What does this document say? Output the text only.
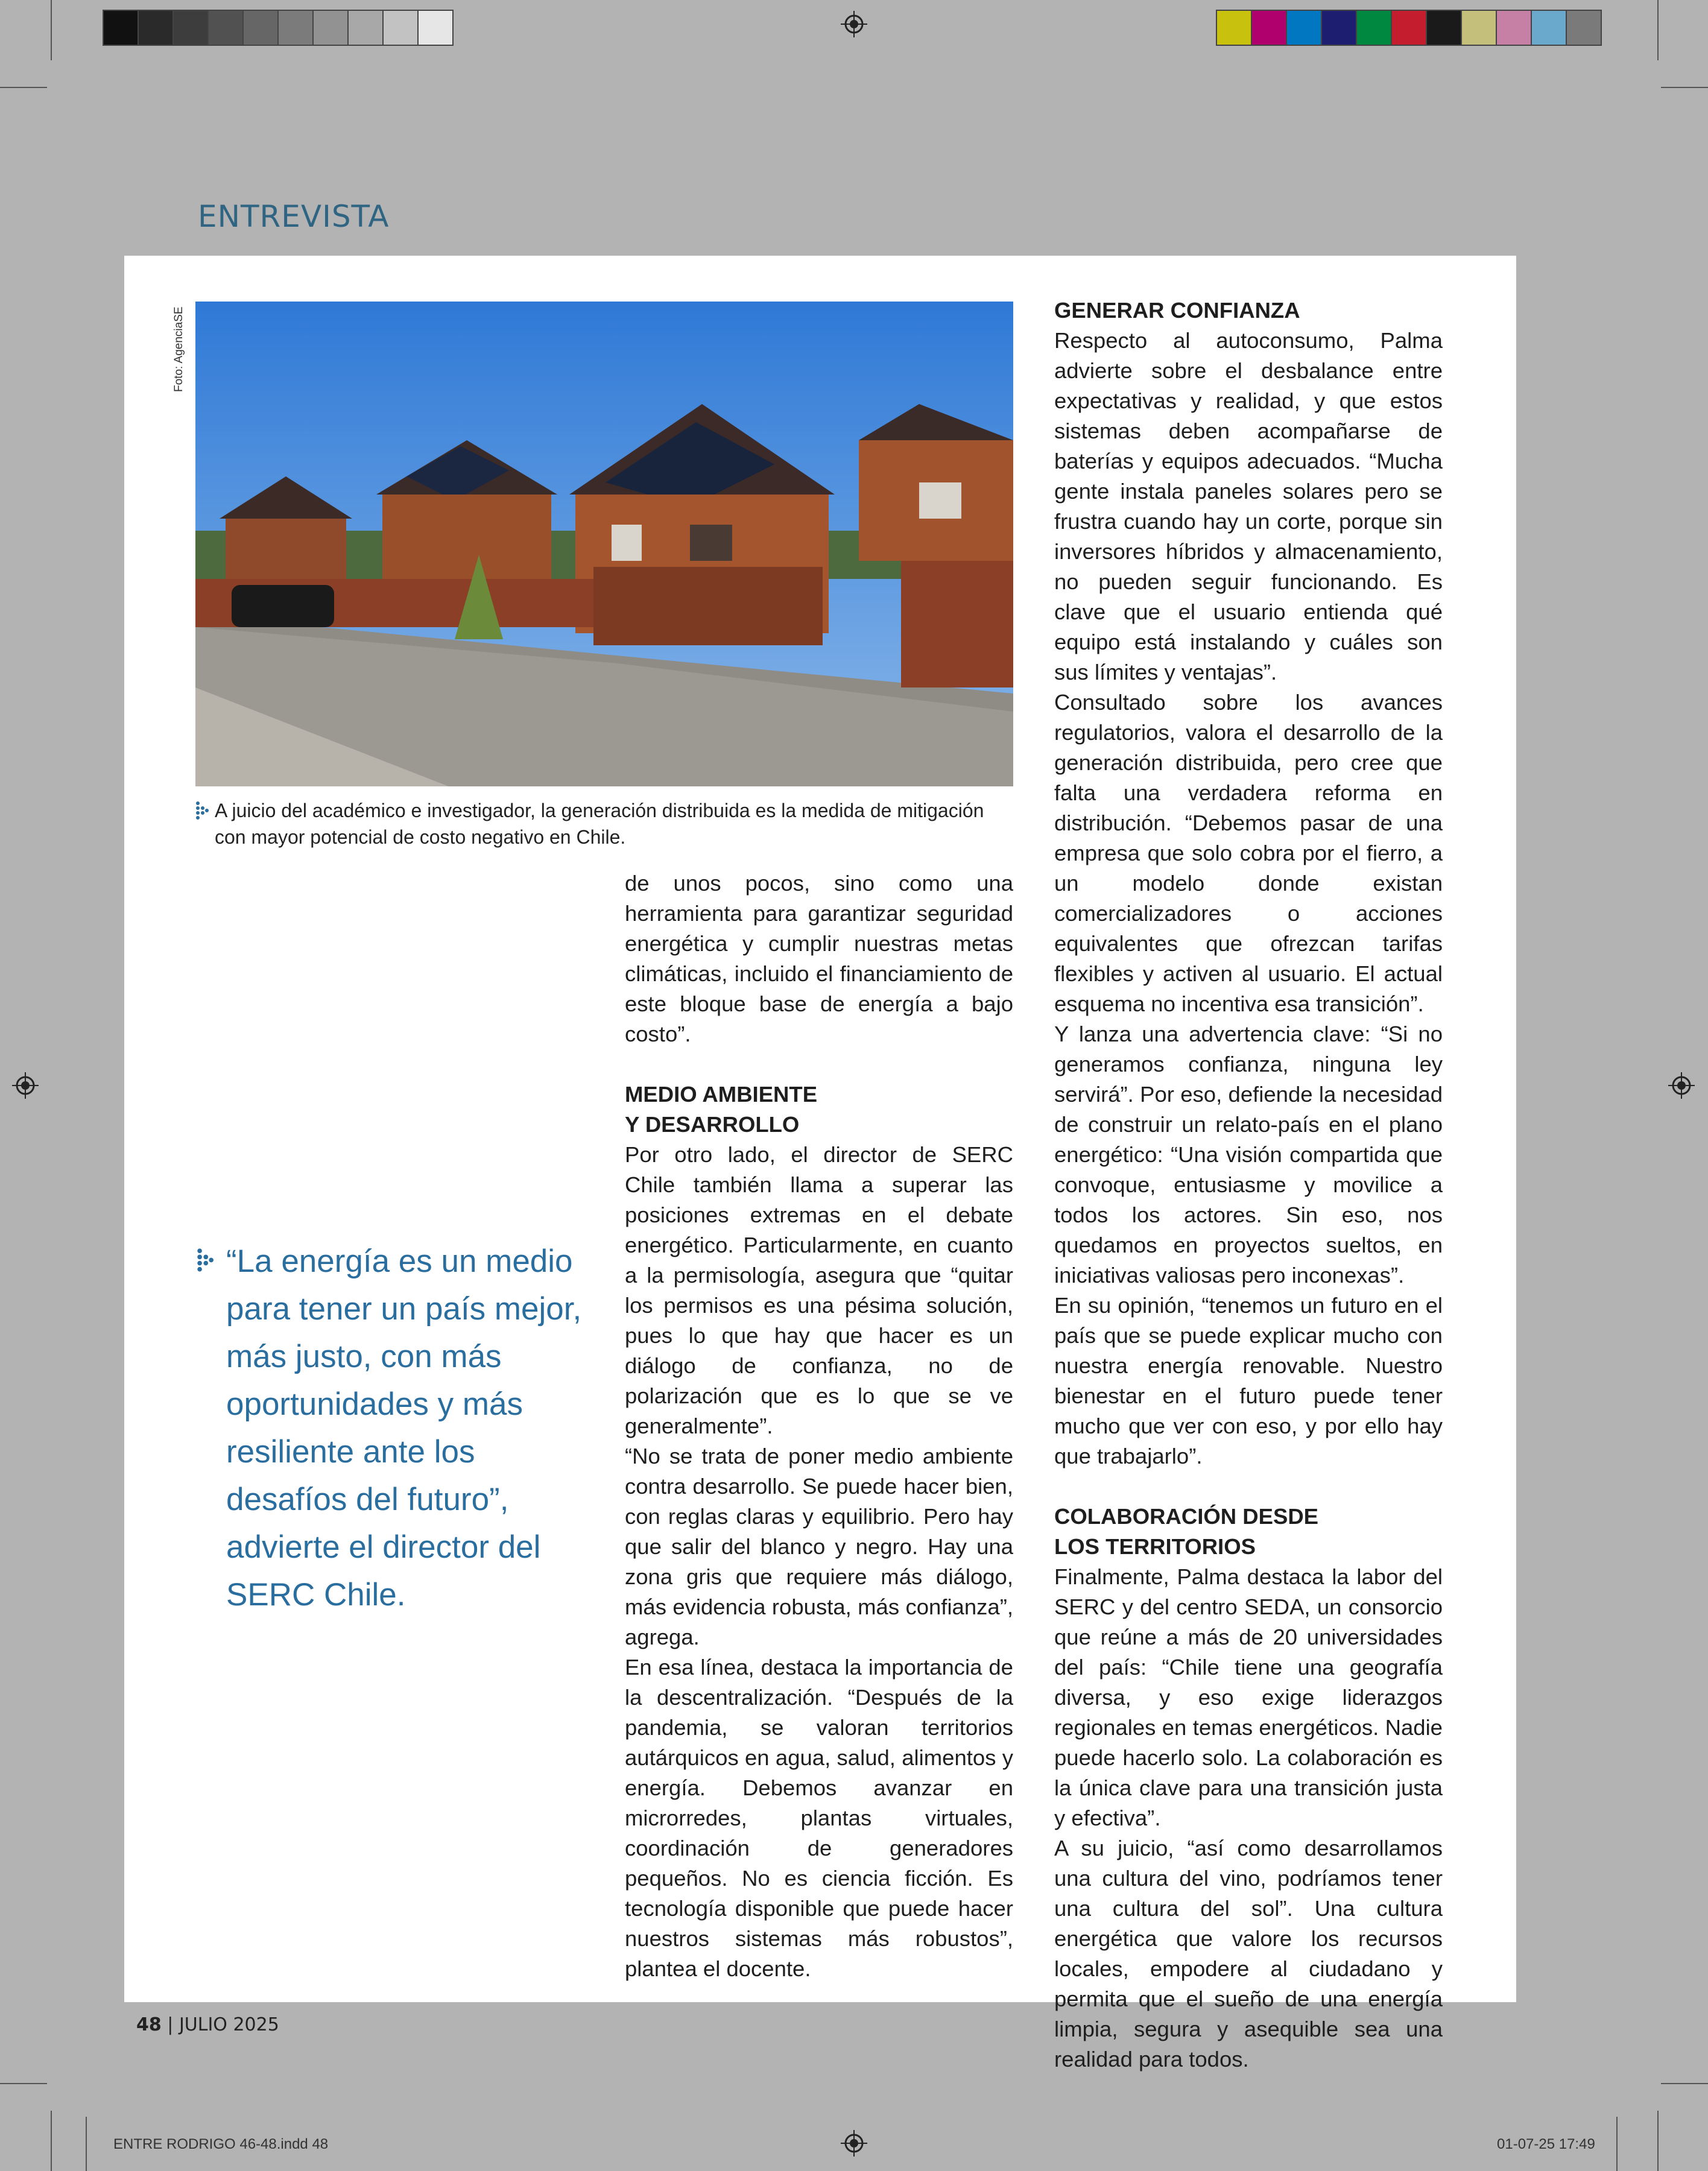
ENTREVISTA
Foto: AgenciaSE
A juicio del académico e investigador, la generación distribuida es la medida de mitigación con mayor potencial de costo negativo en Chile.
“La energía es un medio para tener un país mejor, más justo, con más oportunidades y más resiliente ante los desafíos del futuro”, advierte el director del SERC Chile.

de unos pocos, sino como una herramienta para garantizar seguridad energética y cumplir nuestras metas climáticas, incluido el financiamiento de este bloque base de energía a bajo costo”.

MEDIO AMBIENTE
Y DESARROLLO

Por otro lado, el director de SERC Chile también llama a superar las posiciones extremas en el debate energético. Particularmente, en cuanto a la permisología, asegura que “quitar los permisos es una pésima solución, pues lo que hay que hacer es un diálogo de confianza, no de polarización que es lo que se ve generalmente”.

“No se trata de poner medio ambiente contra desarrollo. Se puede hacer bien, con reglas claras y equilibrio. Pero hay que salir del blanco y negro. Hay una zona gris que requiere más diálogo, más evidencia robusta, más confianza”, agrega.

En esa línea, destaca la importancia de la descentralización. “Después de la pandemia, se valoran territorios autárquicos en agua, salud, alimentos y energía. Debemos avanzar en microrredes, plantas virtuales, coordinación de generadores pequeños. No es ciencia ficción. Es tecnología disponible que puede hacer nuestros sistemas más robustos”, plantea el docente.

GENERAR CONFIANZA

Respecto al autoconsumo, Palma advierte sobre el desbalance entre expectativas y realidad, y que estos sistemas deben acompañarse de baterías y equipos adecuados. “Mucha gente instala paneles solares pero se frustra cuando hay un corte, porque sin inversores híbridos y almacenamiento, no pueden seguir funcionando. Es clave que el usuario entienda qué equipo está instalando y cuáles son sus límites y ventajas”.

Consultado sobre los avances regulatorios, valora el desarrollo de la generación distribuida, pero cree que falta una verdadera reforma en distribución. “Debemos pasar de una empresa que solo cobra por el fierro, a un modelo donde existan comercializadores o acciones equivalentes que ofrezcan tarifas flexibles y activen al usuario. El actual esquema no incentiva esa transición”.

Y lanza una advertencia clave: “Si no generamos confianza, ninguna ley servirá”. Por eso, defiende la necesidad de construir un relato-país en el plano energético: “Una visión compartida que convoque, entusiasme y movilice a todos los actores. Sin eso, nos quedamos en proyectos sueltos, en iniciativas valiosas pero inconexas”.

En su opinión, “tenemos un futuro en el país que se puede explicar mucho con nuestra energía renovable. Nuestro bienestar en el futuro puede tener mucho que ver con eso, y por ello hay que trabajarlo”.

COLABORACIÓN DESDE
LOS TERRITORIOS

Finalmente, Palma destaca la labor del SERC y del centro SEDA, un consorcio que reúne a más de 20 universidades del país: “Chile tiene una geografía diversa, y eso exige liderazgos regionales en temas energéticos. Nadie puede hacerlo solo. La colaboración es la única clave para una transición justa y efectiva”.

A su juicio, “así como desarrollamos una cultura del vino, podríamos tener una cultura del sol”. Una cultura energética que valore los recursos locales, empodere al ciudadano y permita que el sueño de una energía limpia, segura y asequible sea una realidad para todos.

48 | JULIO 2025
ENTRE RODRIGO 46-48.indd 48	01-07-25 17:49
